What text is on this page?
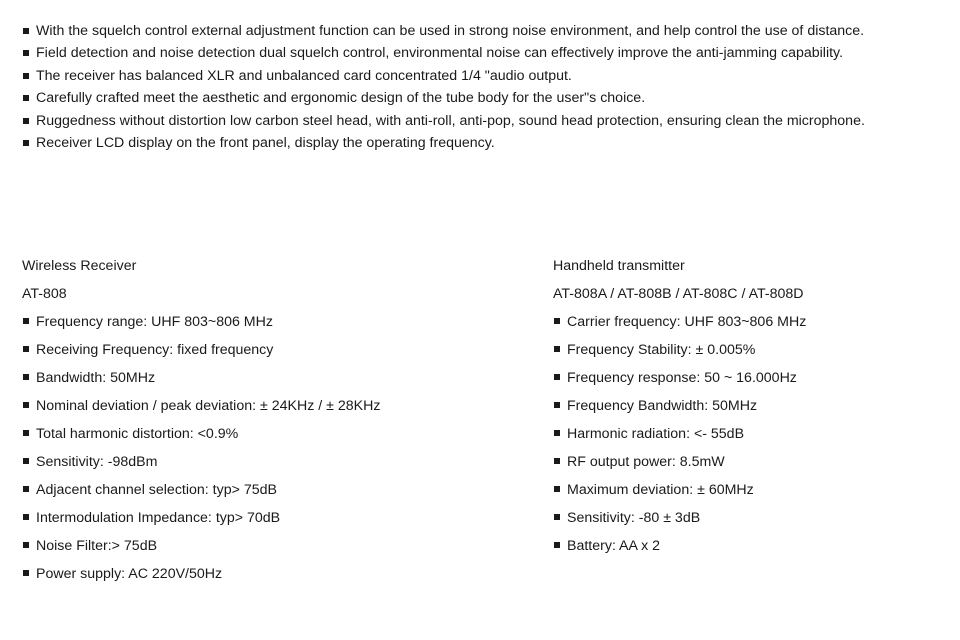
With the squelch control external adjustment function can be used in strong noise environment, and help control the use of distance.
Field detection and noise detection dual squelch control, environmental noise can effectively improve the anti-jamming capability.
The receiver has balanced XLR and unbalanced card concentrated 1/4 "audio output.
Carefully crafted meet the aesthetic and ergonomic design of the tube body for the user"s choice.
Ruggedness without distortion low carbon steel head, with anti-roll, anti-pop, sound head protection, ensuring clean the microphone.
Receiver LCD display on the front panel, display the operating frequency.
Wireless Receiver
AT-808
Frequency range: UHF 803~806 MHz
Receiving Frequency: fixed frequency
Bandwidth: 50MHz
Nominal deviation / peak deviation: ± 24KHz / ± 28KHz
Total harmonic distortion: <0.9%
Sensitivity: -98dBm
Adjacent channel selection: typ> 75dB
Intermodulation Impedance: typ> 70dB
Noise Filter:> 75dB
Power supply: AC 220V/50Hz
Handheld transmitter
AT-808A / AT-808B / AT-808C / AT-808D
Carrier frequency: UHF 803~806 MHz
Frequency Stability: ± 0.005%
Frequency response: 50 ~ 16.000Hz
Frequency Bandwidth: 50MHz
Harmonic radiation: <- 55dB
RF output power: 8.5mW
Maximum deviation: ± 60MHz
Sensitivity: -80 ± 3dB
Battery: AA x 2
